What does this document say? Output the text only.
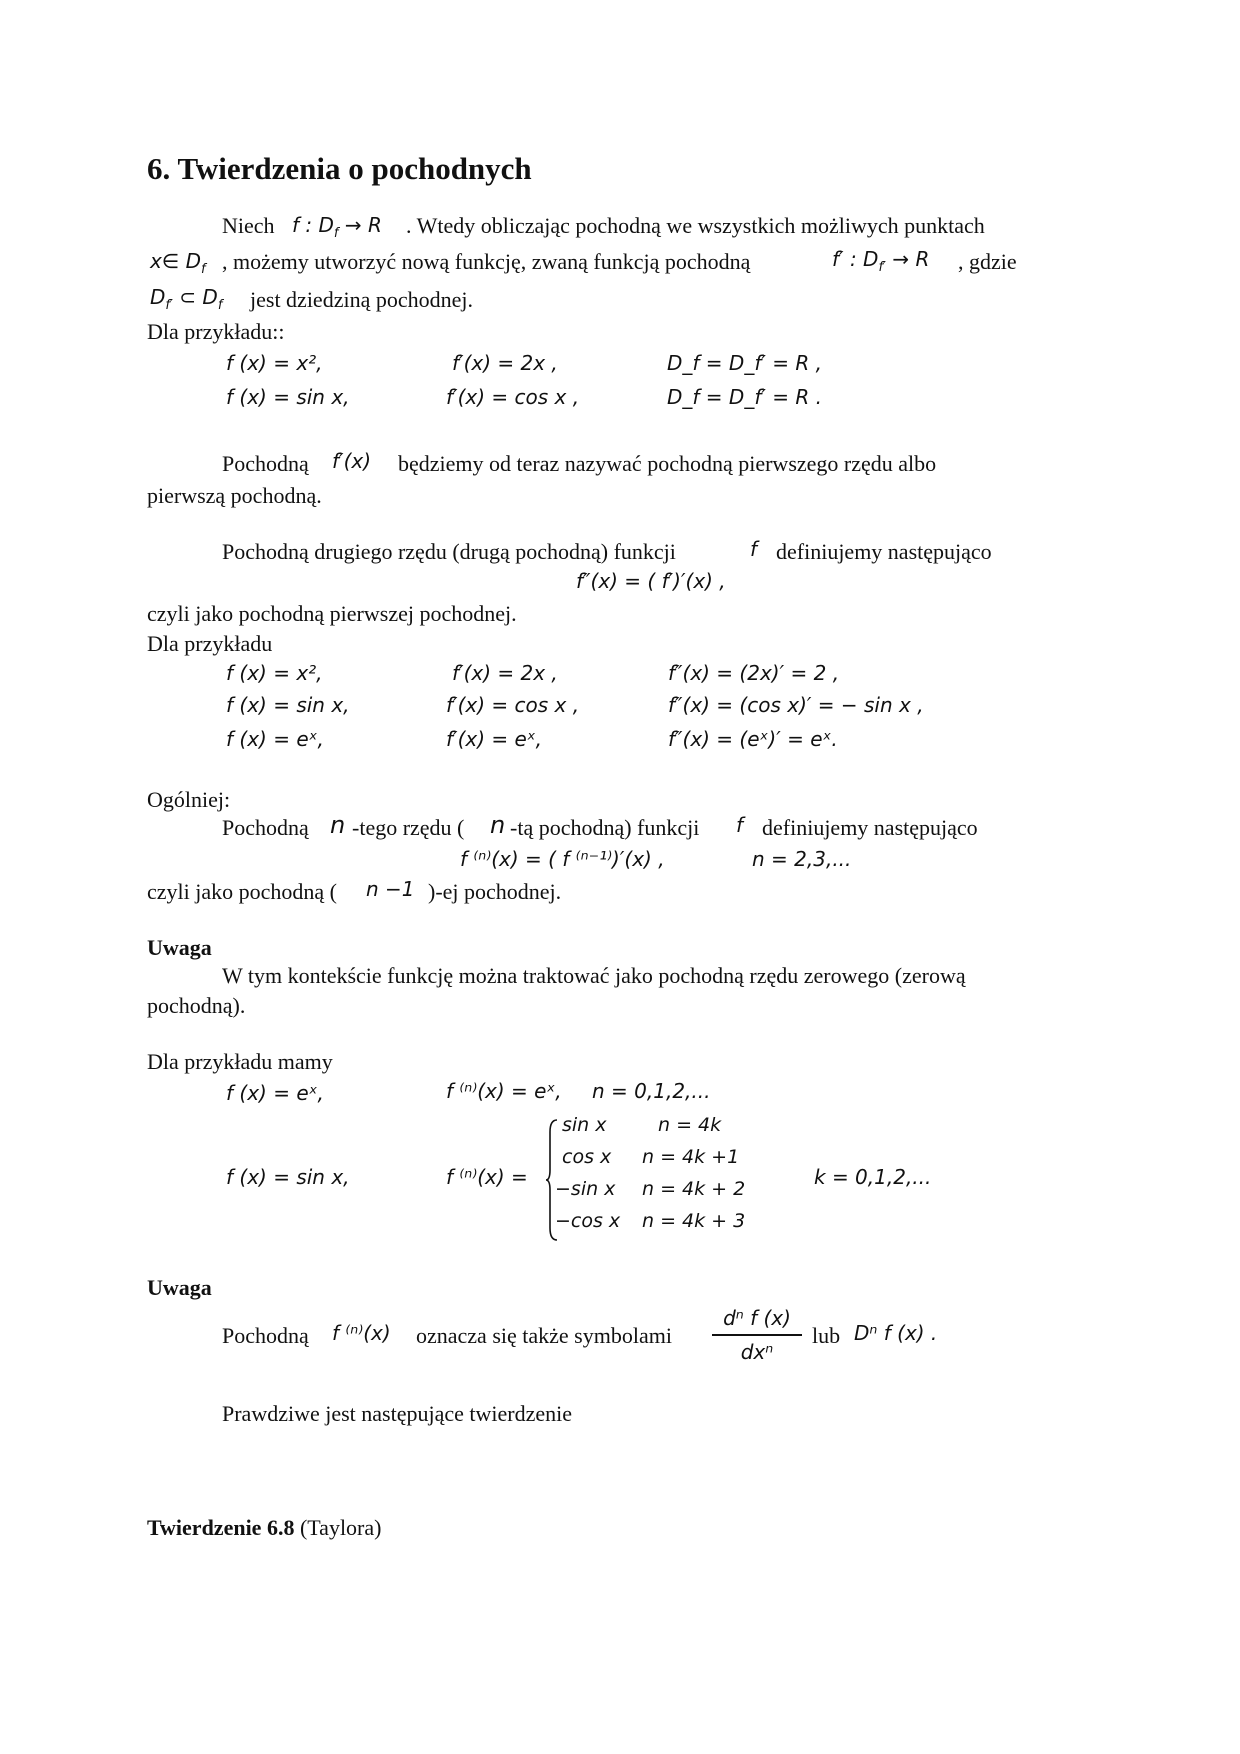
6. Twierdzenia o pochodnych
Niech f : $D_f \to R$ . Wtedy obliczając pochodną we wszystkich możliwych punktach
x∈ $D_f$ , możemy utworzyć nową funkcję, zwaną funkcją pochodną	f′ : $D_{f'} \to R$ , gdzie
$D_{f'}$ ⊂ $D_f$ jest dziedziną pochodnej.
Dla przykładu::
f (x) = x²,	f′(x) = 2x ,	D_f = D_f′ = R ,
f (x) = sin x,	f′(x) = cos x ,	D_f = D_f′ = R .
Pochodną f′(x) będziemy od teraz nazywać pochodną pierwszego rzędu albo
pierwszą pochodną.
Pochodną drugiego rzędu (drugą pochodną) funkcji	f definiujemy następująco
f″(x) = ( f′)′(x) ,
czyli jako pochodną pierwszej pochodnej.
Dla przykładu
f (x) = x²,	f′(x) = 2x ,	f″(x) = (2x)′ = 2 ,
f (x) = sin x,	f′(x) = cos x ,	f″(x) = (cos x)′ = − sin x ,
f (x) = eˣ,	f′(x) = eˣ,	f″(x) = (eˣ)′ = eˣ.
Ogólniej:
Pochodną n -tego rzędu ( n -tą pochodną) funkcji f definiujemy następująco
f ⁽ⁿ⁾(x) = ( f ⁽ⁿ⁻¹⁾)′(x) ,	n = 2,3,...
czyli jako pochodną ( n −1 )-ej pochodnej.
Uwaga
W tym kontekście funkcję można traktować jako pochodną rzędu zerowego (zerową
pochodną).
Dla przykładu mamy
f (x) = eˣ,	f ⁽ⁿ⁾(x) = eˣ, n = 0,1,2,...
f (x) = sin x,	f ⁽ⁿ⁾(x) =
sin x	n = 4k
cos x n = 4k +1
−sin x n = 4k + 2
−cos x n = 4k + 3
k = 0,1,2,...
Uwaga
Pochodną f ⁽ⁿ⁾(x) oznacza się także symbolami
dⁿ f (x)
dxⁿ
lub Dⁿ f (x) .
Prawdziwe jest następujące twierdzenie
Twierdzenie 6.8 (Taylora)
